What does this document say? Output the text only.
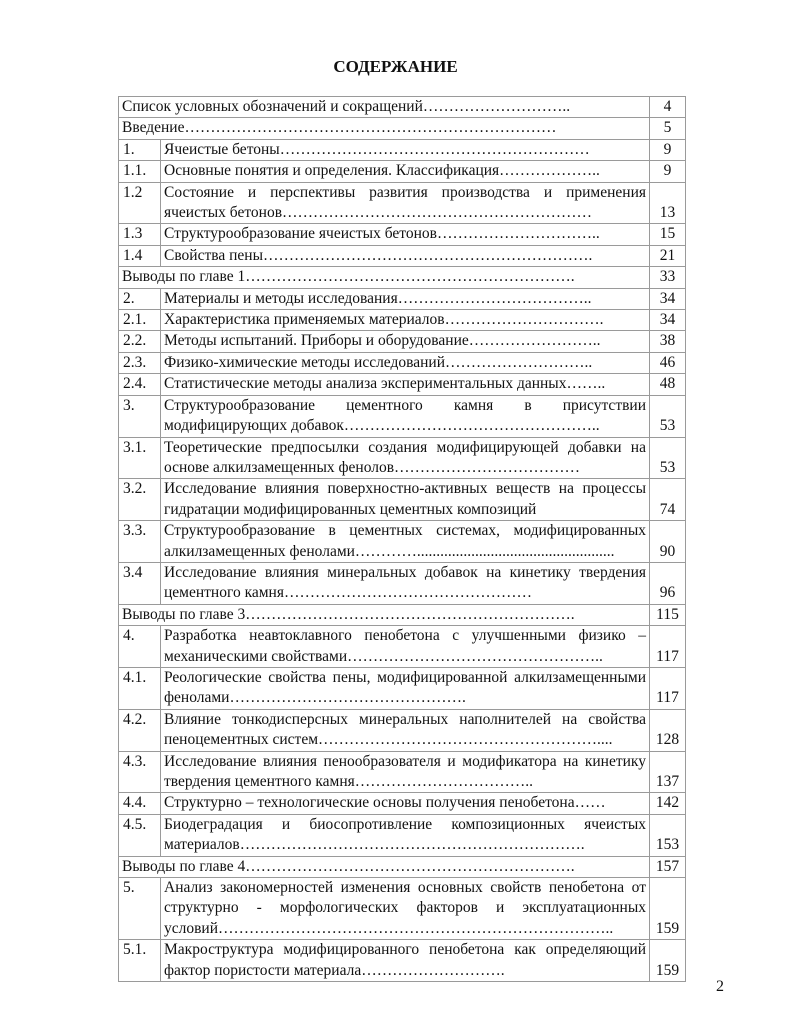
СОДЕРЖАНИЕ
Список условных обозначений и сокращений………………………..		4
Введение………………………………………………………………		5
1.	Ячеистые бетоны……………………………………………………	9
1.1.	Основные понятия и определения. Классификация………………..	9
1.2	Состояние и перспективы развития производства и применения ячеистых бетонов……………………………………………………	13
1.3	Структурообразование ячеистых бетонов…………………………..	15
1.4	Свойства пены……………………………………………………….	21
Выводы по главе 1……………………………………………………….		33
2.	Материалы и методы исследования………………………………..	34
2.1.	Характеристика применяемых материалов………………………….	34
2.2.	Методы испытаний. Приборы и оборудование……………………..	38
2.3.	Физико-химические методы исследований………………………..	46
2.4.	Статистические методы анализа экспериментальных данных……..	48
3.	Структурообразование цементного камня в присутствии модифицирующих добавок…………………………………………..	53
3.1.	Теоретические предпосылки создания модифицирующей добавки на основе алкилзамещенных фенолов………………………………	53
3.2.	Исследование влияния поверхностно-активных веществ на процессы гидратации модифицированных цементных композиций	74
3.3.	Структурообразование в цементных системах, модифицированных алкилзамещенных фенолами…………...................................................	90
3.4	Исследование влияния минеральных добавок на кинетику твердения цементного камня…………………………………………	96
Выводы по главе 3……………………………………………………….		115
4.	Разработка неавтоклавного пенобетона с улучшенными физико – механическими свойствами…………………………………………..	117
4.1.	Реологические свойства пены, модифицированной алкилзамещенными фенолами……………………………………….	117
4.2.	Влияние тонкодисперсных минеральных наполнителей на свойства пеноцементных систем………………………………………………....	128
4.3.	Исследование влияния пенообразователя и модификатора на кинетику твердения цементного камня……………………………..	137
4.4.	Структурно – технологические основы получения пенобетона……	142
4.5.	Биодеградация и биосопротивление композиционных ячеистых материалов………………………………………………………….	153
Выводы по главе 4……………………………………………………….		157
5.	Анализ закономерностей изменения основных свойств пенобетона от структурно - морфологических факторов и эксплуатационных условий…………………………………………………………………..	159
5.1.	Макроструктура модифицированного пенобетона как определяющий фактор пористости материала……………………….	159
2
